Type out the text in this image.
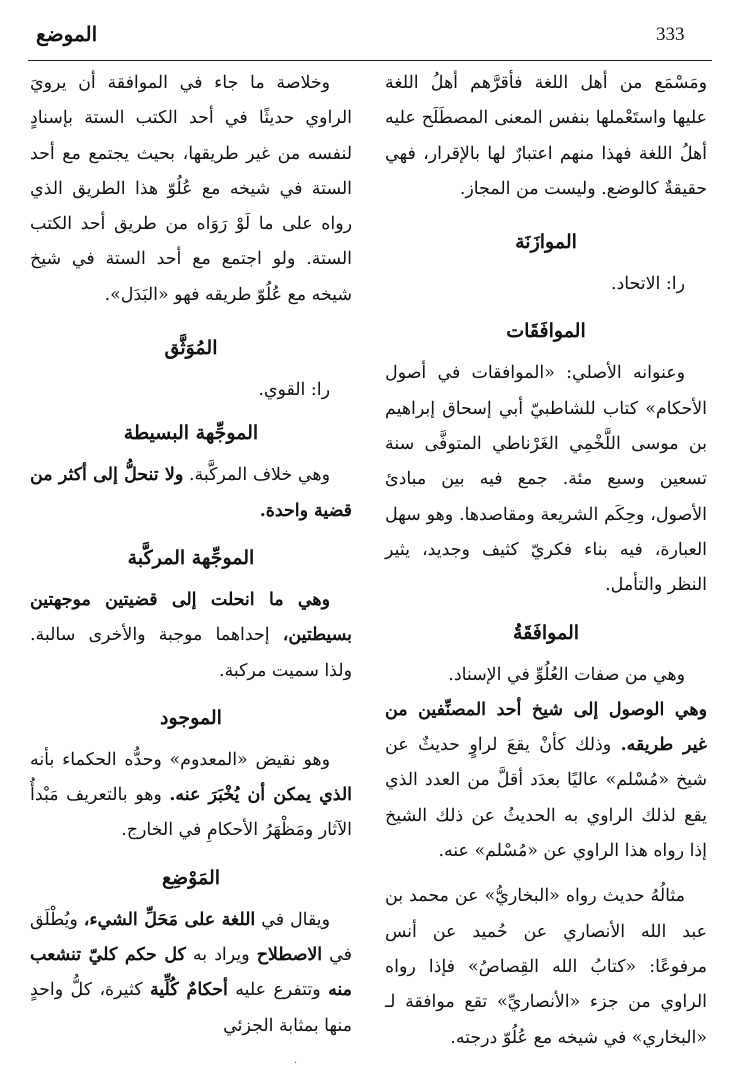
333
الموضع

ومَسْمَع من أهل اللغة فأقرَّهم أهلُ اللغة عليها واستَعْملها بنفس المعنى المصطَلَح عليه أهلُ اللغة فهذا منهم اعتبارٌ لها بالإقرار، فهي حقيقةٌ كالوضع. وليست من المجاز.

الموازَنَة

را: الاتحاد.

الموافَقَات

وعنوانه الأصلي: «الموافقات في أصول الأحكام» كتاب للشاطبيّ أبي إسحاق إبراهيم بن موسى اللَّخْمِي الغَرْناطي المتوفَّى سنة تسعين وسبع مئة. جمع فيه بين مبادئ الأصول، وحِكَم الشريعة ومقاصدها. وهو سهل العبارة، فيه بناء فكريّ كثيف وجديد، يثير النظر والتأمل.

الموافَقَةُ

وهي من صفات العُلُوِّ في الإسناد.

وهي الوصول إلى شيخ أحد المصنِّفين من غير طريقه. وذلك كأنْ يقعَ لراوٍ حديثٌ عن شيخ «مُسْلم» عاليًا بعدَد أقلَّ من العدد الذي يقع لذلك الراوي به الحديثُ عن ذلك الشيخ إذا رواه هذا الراوي عن «مُسْلم» عنه.

مثالُهُ حديث رواه «البخاريُّ» عن محمد بن عبد الله الأنصاري عن حُميد عن أنس مرفوعًا: «كتابُ الله القِصاصُ» فإذا رواه الراوي من جزء «الأنصاريِّ» تقع موافقة لـ «البخاري» في شيخه مع عُلُوّ درجته.

وخلاصة ما جاء في الموافقة أن يرويَ الراوي حديثًا في أحد الكتب الستة بإسنادٍ لنفسه من غير طريقها، بحيث يجتمع مع أحد الستة في شيخه مع عُلُوّ هذا الطريق الذي رواه على ما لَوْ رَوَاه من طريق أحد الكتب الستة. ولو اجتمع مع أحد الستة في شيخ شيخه مع عُلُوّ طريقه فهو «البَدَل».

المُوَثَّق

را: القوي.

الموجِّهة البسيطة

وهي خلاف المركَّبة. ولا تنحلُّ إلى أكثر من قضية واحدة.

الموجِّهة المركَّبة

وهي ما انحلت إلى قضيتين موجهتين بسيطتين، إحداهما موجبة والأخرى سالبة. ولذا سميت مركبة.

الموجود

وهو نقيض «المعدوم» وحدُّه الحكماء بأنه الذي يمكن أن يُخْبَرَ عنه. وهو بالتعريف مَبْدأُ الآثار ومَظْهَرُ الأحكامِ في الخارج.

المَوْضِع

ويقال في اللغة على مَحَلِّ الشيء، ويُطْلَق في الاصطلاح ويراد به كل حكم كليّ تنشعب منه وتتفرع عليه أحكامٌ كُلِّية كثيرة، كلُّ واحدٍ منها بمثابة الجزئي

·
